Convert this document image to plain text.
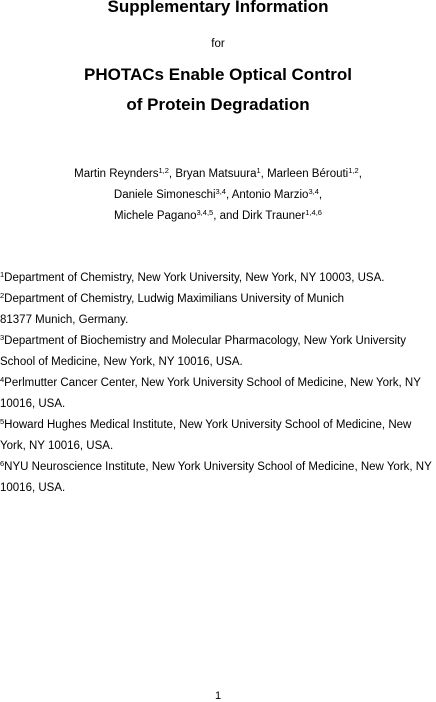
Supplementary Information
for
PHOTACs Enable Optical Control
of Protein Degradation
Martin Reynders$^{1,2}$, Bryan Matsuura$^1$, Marleen Bérouti$^{1,2}$,
Daniele Simoneschi$^{3,4}$, Antonio Marzio$^{3,4}$,
Michele Pagano$^{3,4,5}$, and Dirk Trauner$^{1,4,6}$
$^1$Department of Chemistry, New York University, New York, NY 10003, USA.
$^2$Department of Chemistry, Ludwig Maximilians University of Munich
81377 Munich, Germany.
$^3$Department of Biochemistry and Molecular Pharmacology, New York University
School of Medicine, New York, NY 10016, USA.
$^4$Perlmutter Cancer Center, New York University School of Medicine, New York, NY
10016, USA.
$^5$Howard Hughes Medical Institute, New York University School of Medicine, New
York, NY 10016, USA.
$^6$NYU Neuroscience Institute, New York University School of Medicine, New York, NY
10016, USA.
1
